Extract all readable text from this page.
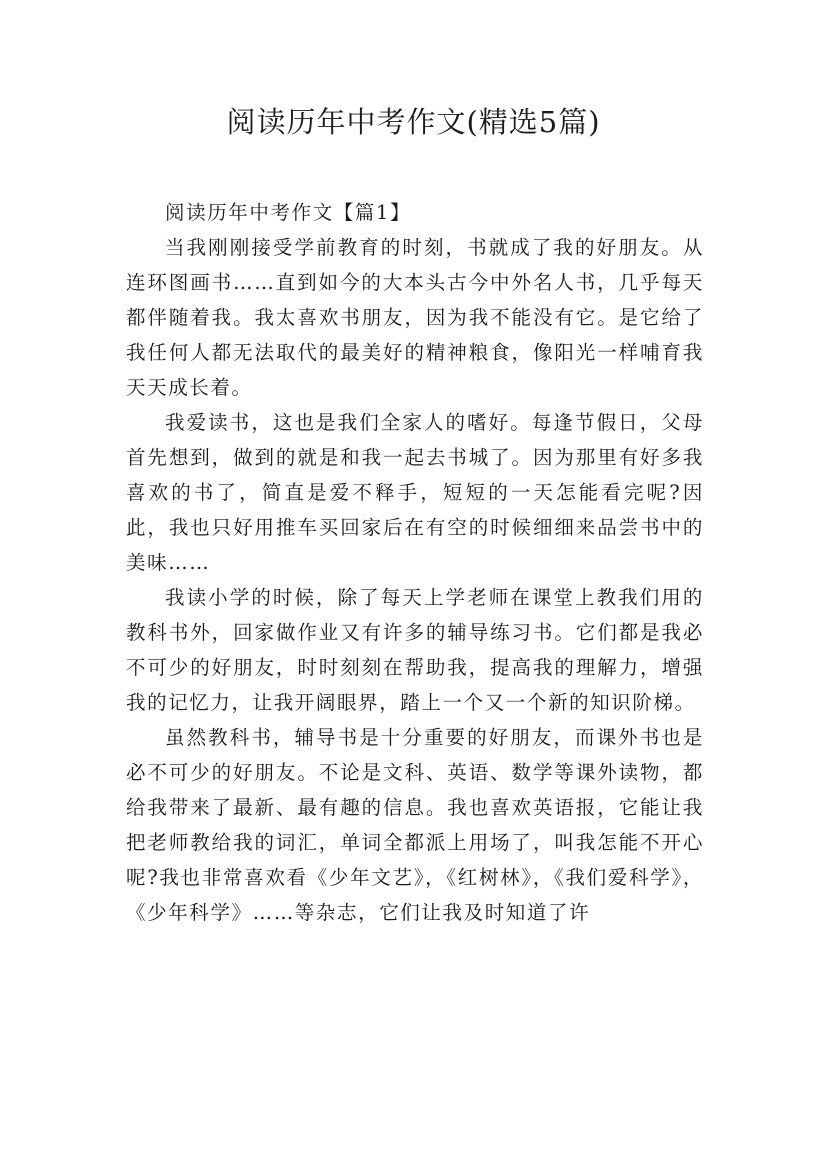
阅读历年中考作文(精选5篇)

阅读历年中考作文【篇1】

当我刚刚接受学前教育的时刻，书就成了我的好朋友。从连环图画书……直到如今的大本头古今中外名人书，几乎每天都伴随着我。我太喜欢书朋友，因为我不能没有它。是它给了我任何人都无法取代的最美好的精神粮食，像阳光一样哺育我天天成长着。

我爱读书，这也是我们全家人的嗜好。每逢节假日，父母首先想到，做到的就是和我一起去书城了。因为那里有好多我喜欢的书了，简直是爱不释手，短短的一天怎能看完呢?因此，我也只好用推车买回家后在有空的时候细细来品尝书中的美味……

我读小学的时候，除了每天上学老师在课堂上教我们用的教科书外，回家做作业又有许多的辅导练习书。它们都是我必不可少的好朋友，时时刻刻在帮助我，提高我的理解力，增强我的记忆力，让我开阔眼界，踏上一个又一个新的知识阶梯。

虽然教科书，辅导书是十分重要的好朋友，而课外书也是必不可少的好朋友。不论是文科、英语、数学等课外读物，都给我带来了最新、最有趣的信息。我也喜欢英语报，它能让我把老师教给我的词汇，单词全都派上用场了，叫我怎能不开心呢?我也非常喜欢看《少年文艺》，《红树林》，《我们爱科学》，《少年科学》……等杂志，它们让我及时知道了许
